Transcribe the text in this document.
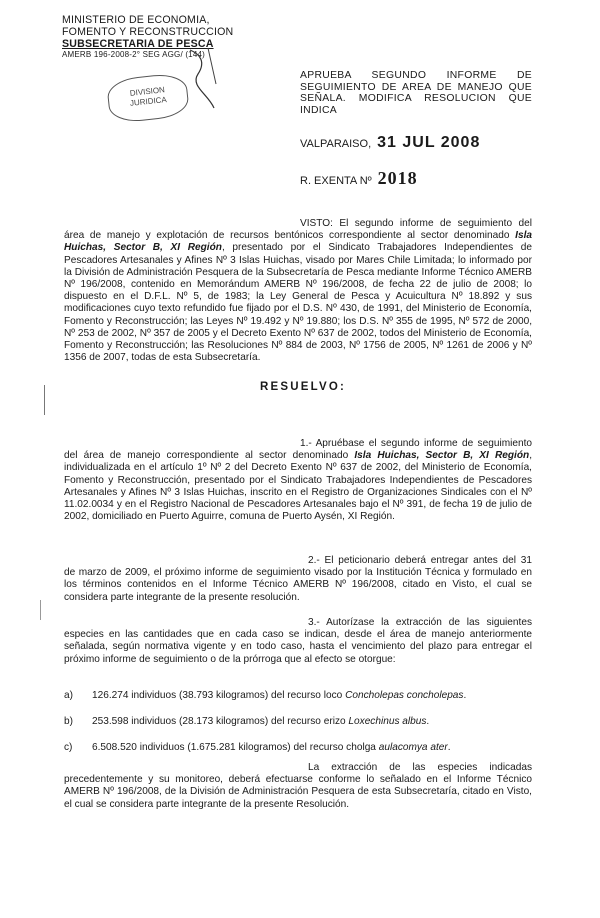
MINISTERIO DE ECONOMIA,
FOMENTO Y RECONSTRUCCION
SUBSECRETARIA DE PESCA
AMERB 196-2008-2° SEG AGG/ (144)
DIVISION
JURIDICA
APRUEBA SEGUNDO INFORME DE SEGUIMIENTO DE AREA DE MANEJO QUE SEÑALA. MODIFICA RESOLUCION QUE INDICA
VALPARAISO, 31 JUL 2008
R. EXENTA Nº 2018
VISTO: El segundo informe de seguimiento del área de manejo y explotación de recursos bentónicos correspondiente al sector denominado Isla Huichas, Sector B, XI Región, presentado por el Sindicato Trabajadores Independientes de Pescadores Artesanales y Afines Nº 3 Islas Huichas, visado por Mares Chile Limitada; lo informado por la División de Administración Pesquera de la Subsecretaría de Pesca mediante Informe Técnico AMERB Nº 196/2008, contenido en Memorándum AMERB Nº 196/2008, de fecha 22 de julio de 2008; lo dispuesto en el D.F.L. Nº 5, de 1983; la Ley General de Pesca y Acuicultura Nº 18.892 y sus modificaciones cuyo texto refundido fue fijado por el D.S. Nº 430, de 1991, del Ministerio de Economía, Fomento y Reconstrucción; las Leyes Nº 19.492 y Nº 19.880; los D.S. Nº 355 de 1995, Nº 572 de 2000, Nº 253 de 2002, Nº 357 de 2005 y el Decreto Exento Nº 637 de 2002, todos del Ministerio de Economía, Fomento y Reconstrucción; las Resoluciones Nº 884 de 2003, Nº 1756 de 2005, Nº 1261 de 2006 y Nº 1356 de 2007, todas de esta Subsecretaría.
RESUELVO:
1.- Apruébase el segundo informe de seguimiento del área de manejo correspondiente al sector denominado Isla Huichas, Sector B, XI Región, individualizada en el artículo 1º Nº 2 del Decreto Exento Nº 637 de 2002, del Ministerio de Economía, Fomento y Reconstrucción, presentado por el Sindicato Trabajadores Independientes de Pescadores Artesanales y Afines Nº 3 Islas Huichas, inscrito en el Registro de Organizaciones Sindicales con el Nº 11.02.0034 y en el Registro Nacional de Pescadores Artesanales bajo el Nº 391, de fecha 19 de julio de 2002, domiciliado en Puerto Aguirre, comuna de Puerto Aysén, XI Región.
2.- El peticionario deberá entregar antes del 31 de marzo de 2009, el próximo informe de seguimiento visado por la Institución Técnica y formulado en los términos contenidos en el Informe Técnico AMERB Nº 196/2008, citado en Visto, el cual se considera parte integrante de la presente resolución.
3.- Autorízase la extracción de las siguientes especies en las cantidades que en cada caso se indican, desde el área de manejo anteriormente señalada, según normativa vigente y en todo caso, hasta el vencimiento del plazo para entregar el próximo informe de seguimiento o de la prórroga que al efecto se otorgue:
a) 126.274 individuos (38.793 kilogramos) del recurso loco Concholepas concholepas.
b) 253.598 individuos (28.173 kilogramos) del recurso erizo Loxechinus albus.
c) 6.508.520 individuos (1.675.281 kilogramos) del recurso cholga aulacomya ater.
La extracción de las especies indicadas precedentemente y su monitoreo, deberá efectuarse conforme lo señalado en el Informe Técnico AMERB Nº 196/2008, de la División de Administración Pesquera de esta Subsecretaría, citado en Visto, el cual se considera parte integrante de la presente Resolución.
